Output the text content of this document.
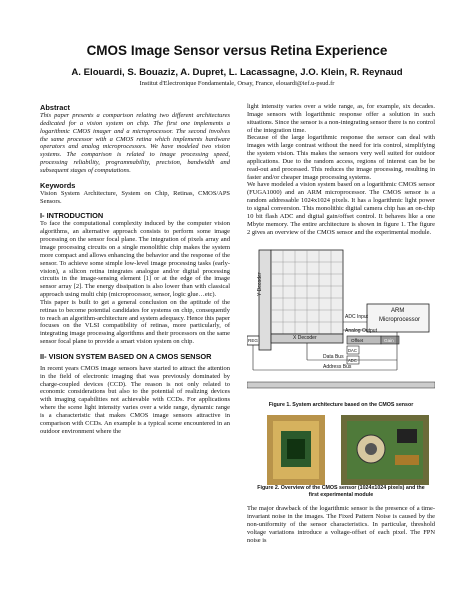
CMOS Image Sensor versus Retina Experience
A. Elouardi, S. Bouaziz, A. Dupret, L. Lacassagne, J.O. Klein, R. Reynaud
Institut d'Electronique Fondamentale, Orsay, France, elouardi@ief.u-psud.fr

Abstract

This paper presents a comparison relating two different architectures dedicated for a vision system on chip. The first one implements a logarithmic CMOS imager and a microprocessor. The second involves the same processor with a CMOS retina which implements hardware operators and analog microprocessors. We have modeled two vision systems. The comparison is related to image processing speed, processing reliability, programmability, precision, bandwidth and subsequent stages of computations.

Keywords

Vision System Architecture, System on Chip, Retinas, CMOS/APS Sensors.

I- INTRODUCTION

To face the computational complexity induced by the computer vision algorithms, an alternative approach consists to perform some image processing on the sensor focal plane. The integration of pixels array and image processing circuits on a single monolithic chip makes the system more compact and allows enhancing the behavior and the response of the sensor. To achieve some simple low-level image processing tasks (early-vision), a silicon retina integrates analogue and/or digital processing circuits in the image-sensing element [1] or at the edge of the image sensor array [2]. The energy dissipation is also lower than with classical approach using multi chip (microprocessor, sensor, logic glue…etc).

This paper is built to get a general conclusion on the aptitude of the retinas to become potential candidates for systems on chip, consequently to reach an algorithm-architecture and system adequacy. Hence this paper focuses on the VLSI compatibility of retinas, more particularly, of integrating image processing algorithms and their processors on the same sensor focal plane to provide a smart vision system on chip.

II- VISION SYSTEM BASED ON A CMOS SENSOR

In recent years CMOS image sensors have started to attract the attention in the field of electronic imaging that was previously dominated by charge-coupled devices (CCD). The reason is not only related to economic considerations but also to the potential of realizing devices with imaging capabilities not achievable with CCDs. For applications where the scene light intensity varies over a wide range, dynamic range is a characteristic that makes CMOS image sensors attractive in comparison with CCDs. An example is a typical scene encountered in an outdoor environment where the

light intensity varies over a wide range, as, for example, six decades. Image sensors with logarithmic response offer a solution in such situations. Since the sensor is a non-integrating sensor there is no control of the integration time.

Because of the large logarithmic response the sensor can deal with images with large contrast without the need for iris control, simplifying the system vision. This makes the sensors very well suited for outdoor applications. Due to the random access, regions of interest can be be read-out and processed. This reduces the image processing, resulting in faster and/or cheaper image processing systems.

We have modeled a vision system based on a logarithmic CMOS sensor (FUGA1000) and an ARM microprocessor. The CMOS sensor is a random addressable 1024x1024 pixels. It has a logarithmic light power to signal conversion. This monolithic digital camera chip has an on-chip 10 bit flash ADC and digital gain/offset control. It behaves like a one Mbyte memory. The entire architecture is shown in figure 1. The figure 2 gives an overview of the CMOS sensor and the experimental module.

Y Decoder
X Decoder
REG
ADC Input
ARM
Microprocessor
Analog Output
Offset	Gain
DAC
ADC
Data Bus
Address Bus

Figure 1. System architecture based on the CMOS sensor

Figure 2. Overview of the CMOS sensor (1024x1024 pixels) and the

first experimental module

The major drawback of the logarithmic sensor is the presence of a time-invariant noise in the images. The Fixed Pattern Noise is caused by the non-uniformity of the sensor characteristics. In particular, threshold voltage variations introduce a voltage-offset of each pixel. The FPN noise is
